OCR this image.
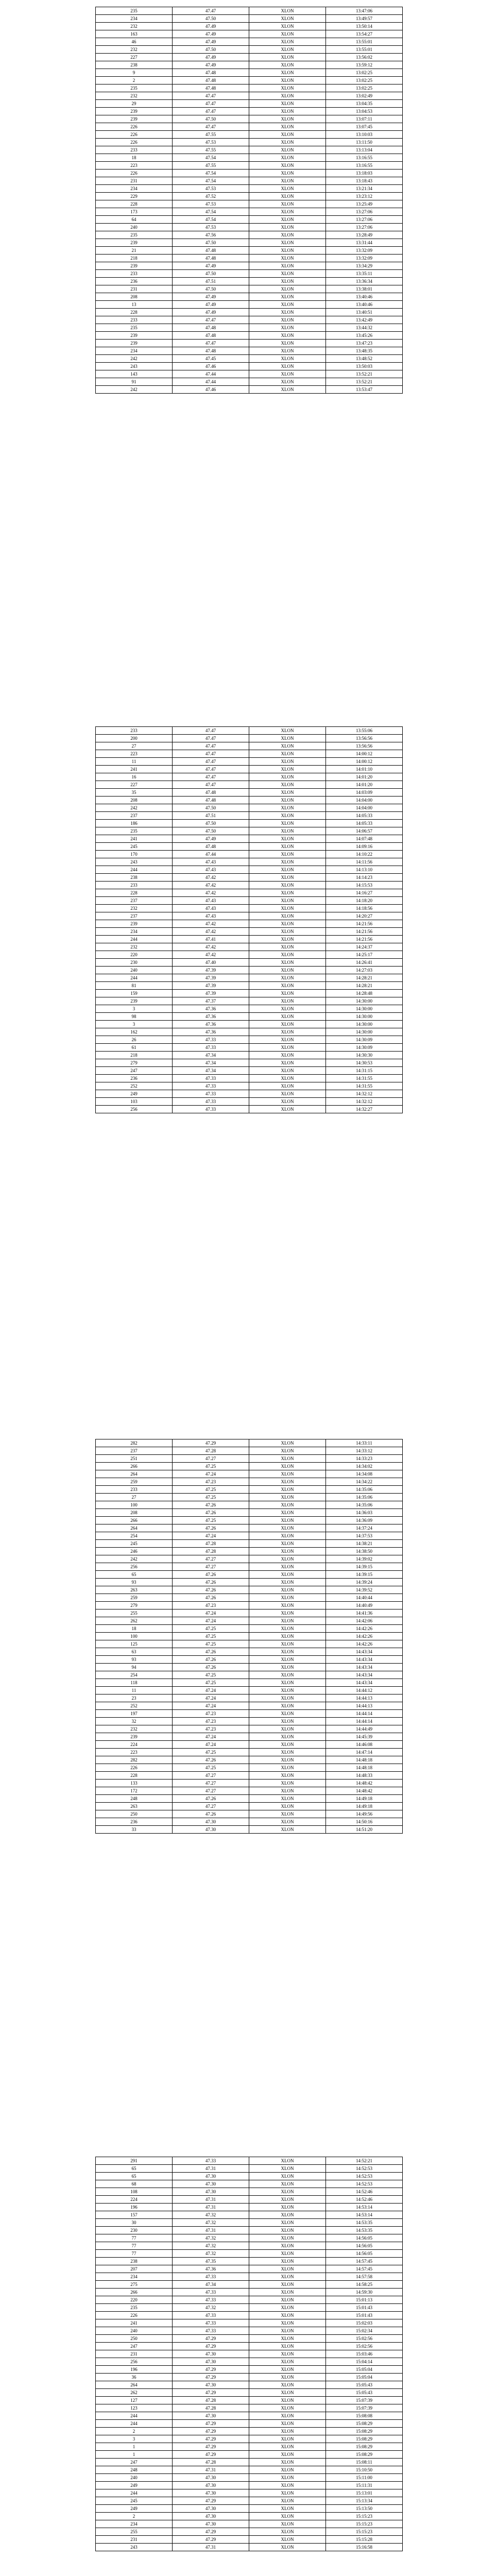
235	47.47	XLON	13:47:06
234	47.50	XLON	13:49:57
232	47.49	XLON	13:50:14
163	47.49	XLON	13:54:27
46	47.49	XLON	13:55:01
232	47.50	XLON	13:55:01
227	47.49	XLON	13:56:02
238	47.49	XLON	13:59:12
9	47.48	XLON	13:02:25
2	47.48	XLON	13:02:25
235	47.48	XLON	13:02:25
232	47.47	XLON	13:02:49
29	47.47	XLON	13:04:35
239	47.47	XLON	13:04:53
239	47.50	XLON	13:07:11
226	47.47	XLON	13:07:45
226	47.55	XLON	13:10:03
226	47.53	XLON	13:11:50
233	47.55	XLON	13:13:04
18	47.54	XLON	13:16:55
223	47.55	XLON	13:16:55
226	47.54	XLON	13:18:03
231	47.54	XLON	13:18:43
234	47.53	XLON	13:21:34
229	47.52	XLON	13:23:12
228	47.53	XLON	13:25:49
173	47.54	XLON	13:27:06
64	47.54	XLON	13:27:06
240	47.53	XLON	13:27:06
235	47.56	XLON	13:28:49
239	47.50	XLON	13:31:44
21	47.48	XLON	13:32:09
218	47.48	XLON	13:32:09
239	47.49	XLON	13:34:29
233	47.50	XLON	13:35:11
236	47.51	XLON	13:36:34
231	47.50	XLON	13:38:01
208	47.49	XLON	13:40:46
13	47.49	XLON	13:40:46
228	47.49	XLON	13:40:51
233	47.47	XLON	13:42:49
235	47.48	XLON	13:44:32
239	47.48	XLON	13:45:26
239	47.47	XLON	13:47:23
234	47.48	XLON	13:48:35
242	47.45	XLON	13:48:52
243	47.46	XLON	13:50:03
143	47.44	XLON	13:52:21
91	47.44	XLON	13:52:21
242	47.46	XLON	13:53:47
233	47.47	XLON	13:55:06
200	47.47	XLON	13:56:56
27	47.47	XLON	13:56:56
223	47.47	XLON	14:00:12
11	47.47	XLON	14:00:12
241	47.47	XLON	14:01:10
16	47.47	XLON	14:01:20
227	47.47	XLON	14:01:20
35	47.48	XLON	14:03:09
208	47.48	XLON	14:04:00
242	47.50	XLON	14:04:00
237	47.51	XLON	14:05:33
186	47.50	XLON	14:05:33
235	47.50	XLON	14:06:57
241	47.49	XLON	14:07:48
245	47.48	XLON	14:09:16
170	47.44	XLON	14:10:22
243	47.43	XLON	14:11:56
244	47.43	XLON	14:13:10
238	47.42	XLON	14:14:23
233	47.42	XLON	14:15:53
228	47.42	XLON	14:16:27
237	47.43	XLON	14:18:20
232	47.43	XLON	14:18:56
237	47.43	XLON	14:20:27
239	47.42	XLON	14:21:56
234	47.42	XLON	14:21:56
244	47.41	XLON	14:21:56
232	47.42	XLON	14:24:37
220	47.42	XLON	14:25:17
230	47.40	XLON	14:26:41
240	47.39	XLON	14:27:03
244	47.39	XLON	14:28:21
81	47.39	XLON	14:28:21
159	47.39	XLON	14:28:48
239	47.37	XLON	14:30:00
3	47.36	XLON	14:30:00
98	47.36	XLON	14:30:00
3	47.36	XLON	14:30:00
162	47.36	XLON	14:30:00
26	47.33	XLON	14:30:09
61	47.33	XLON	14:30:09
218	47.34	XLON	14:30:30
279	47.34	XLON	14:30:53
247	47.34	XLON	14:31:15
236	47.33	XLON	14:31:55
252	47.33	XLON	14:31:55
249	47.33	XLON	14:32:12
103	47.33	XLON	14:32:12
256	47.33	XLON	14:32:27
282	47.29	XLON	14:33:11
237	47.28	XLON	14:33:12
251	47.27	XLON	14:33:23
266	47.25	XLON	14:34:02
264	47.24	XLON	14:34:08
259	47.23	XLON	14:34:22
233	47.25	XLON	14:35:06
27	47.25	XLON	14:35:06
100	47.26	XLON	14:35:06
208	47.26	XLON	14:36:03
266	47.25	XLON	14:36:09
264	47.26	XLON	14:37:24
254	47.24	XLON	14:37:53
245	47.28	XLON	14:38:21
246	47.28	XLON	14:38:50
242	47.27	XLON	14:39:02
256	47.27	XLON	14:39:15
65	47.26	XLON	14:39:15
93	47.26	XLON	14:39:24
263	47.26	XLON	14:39:52
259	47.26	XLON	14:40:44
279	47.23	XLON	14:40:49
255	47.24	XLON	14:41:36
262	47.24	XLON	14:42:06
18	47.25	XLON	14:42:26
100	47.25	XLON	14:42:26
125	47.25	XLON	14:42:26
63	47.26	XLON	14:43:34
93	47.26	XLON	14:43:34
94	47.26	XLON	14:43:34
254	47.25	XLON	14:43:34
118	47.25	XLON	14:43:34
11	47.24	XLON	14:44:12
23	47.24	XLON	14:44:13
252	47.24	XLON	14:44:13
197	47.23	XLON	14:44:14
32	47.23	XLON	14:44:14
232	47.23	XLON	14:44:49
239	47.24	XLON	14:45:39
224	47.24	XLON	14:46:08
223	47.25	XLON	14:47:14
282	47.26	XLON	14:48:18
226	47.25	XLON	14:48:18
228	47.27	XLON	14:48:33
133	47.27	XLON	14:48:42
172	47.27	XLON	14:48:42
248	47.26	XLON	14:49:18
263	47.27	XLON	14:49:18
250	47.26	XLON	14:49:56
236	47.30	XLON	14:50:16
33	47.30	XLON	14:51:20
291	47.33	XLON	14:52:21
65	47.31	XLON	14:52:53
65	47.30	XLON	14:52:53
68	47.30	XLON	14:52:53
108	47.30	XLON	14:52:46
224	47.31	XLON	14:52:46
196	47.31	XLON	14:53:14
157	47.32	XLON	14:53:14
30	47.32	XLON	14:53:35
230	47.31	XLON	14:53:35
77	47.32	XLON	14:56:05
77	47.32	XLON	14:56:05
77	47.32	XLON	14:56:05
238	47.35	XLON	14:57:45
207	47.36	XLON	14:57:45
234	47.33	XLON	14:57:58
275	47.34	XLON	14:58:25
266	47.33	XLON	14:59:30
220	47.33	XLON	15:01:13
235	47.32	XLON	15:01:43
226	47.33	XLON	15:01:43
241	47.33	XLON	15:02:03
240	47.33	XLON	15:02:34
250	47.29	XLON	15:02:56
247	47.29	XLON	15:02:56
231	47.30	XLON	15:03:46
256	47.30	XLON	15:04:14
196	47.29	XLON	15:05:04
36	47.29	XLON	15:05:04
264	47.30	XLON	15:05:43
262	47.29	XLON	15:05:43
127	47.28	XLON	15:07:39
123	47.28	XLON	15:07:39
244	47.30	XLON	15:08:08
244	47.29	XLON	15:08:29
2	47.29	XLON	15:08:29
3	47.29	XLON	15:08:29
1	47.29	XLON	15:08:29
1	47.29	XLON	15:08:29
247	47.28	XLON	15:08:11
248	47.31	XLON	15:10:50
240	47.30	XLON	15:11:00
249	47.30	XLON	15:11:31
244	47.30	XLON	15:13:01
245	47.29	XLON	15:13:34
249	47.30	XLON	15:13:50
2	47.30	XLON	15:15:23
234	47.30	XLON	15:15:23
255	47.29	XLON	15:15:23
231	47.29	XLON	15:15:28
243	47.31	XLON	15:16:58
